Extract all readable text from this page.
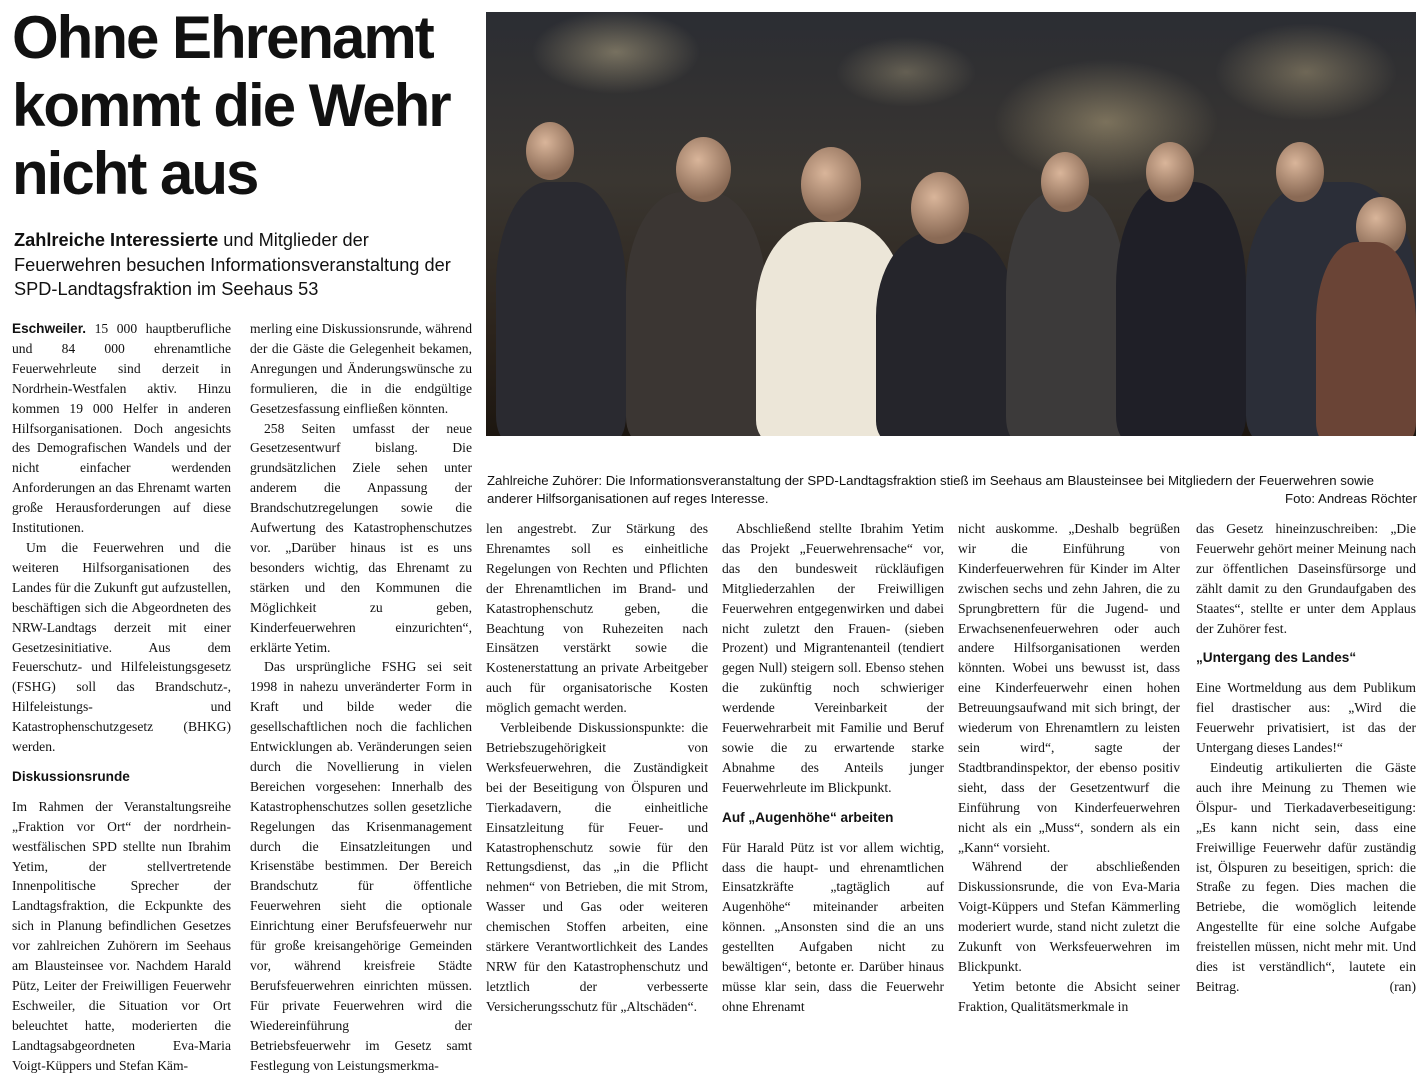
Ohne Ehrenamt kommt die Wehr nicht aus

Zahlreiche Interessierte und Mitglieder der Feuerwehren besuchen Informationsveranstaltung der SPD-Landtagsfraktion im Seehaus 53

Zahlreiche Zuhörer: Die Informationsveranstaltung der SPD-Landtagsfraktion stieß im Seehaus am Blausteinsee bei Mitgliedern der Feuerwehren sowie anderer Hilfsorganisationen auf reges Interesse.	Foto: Andreas Röchter

Eschweiler. 15 000 hauptberufliche und 84 000 ehrenamtliche Feuerwehrleute sind derzeit in Nordrhein-Westfalen aktiv. Hinzu kommen 19 000 Helfer in anderen Hilfsorganisationen. Doch angesichts des Demografischen Wandels und der nicht einfacher werdenden Anforderungen an das Ehrenamt warten große Herausforderungen auf diese Institutionen.

Um die Feuerwehren und die weiteren Hilfsorganisationen des Landes für die Zukunft gut aufzustellen, beschäftigen sich die Abgeordneten des NRW-Landtags derzeit mit einer Gesetzesinitiative. Aus dem Feuerschutz- und Hilfeleistungsgesetz (FSHG) soll das Brandschutz-, Hilfeleistungs- und Katastrophenschutzgesetz (BHKG) werden.

Diskussionsrunde

Im Rahmen der Veranstaltungsreihe „Fraktion vor Ort“ der nordrhein-westfälischen SPD stellte nun Ibrahim Yetim, der stellvertretende Innenpolitische Sprecher der Landtagsfraktion, die Eckpunkte des sich in Planung befindlichen Gesetzes vor zahlreichen Zuhörern im Seehaus am Blausteinsee vor. Nachdem Harald Pütz, Leiter der Freiwilligen Feuerwehr Eschweiler, die Situation vor Ort beleuchtet hatte, moderierten die Landtagsabgeordneten Eva-Maria Voigt-Küppers und Stefan Käm-

merling eine Diskussionsrunde, während der die Gäste die Gelegenheit bekamen, Anregungen und Änderungswünsche zu formulieren, die in die endgültige Gesetzesfassung einfließen könnten.

258 Seiten umfasst der neue Gesetzesentwurf bislang. Die grundsätzlichen Ziele sehen unter anderem die Anpassung der Brandschutzregelungen sowie die Aufwertung des Katastrophenschutzes vor. „Darüber hinaus ist es uns besonders wichtig, das Ehrenamt zu stärken und den Kommunen die Möglichkeit zu geben, Kinderfeuerwehren einzurichten“, erklärte Yetim.

Das ursprüngliche FSHG sei seit 1998 in nahezu unveränderter Form in Kraft und bilde weder die gesellschaftlichen noch die fachlichen Entwicklungen ab. Veränderungen seien durch die Novellierung in vielen Bereichen vorgesehen: Innerhalb des Katastrophenschutzes sollen gesetzliche Regelungen das Krisenmanagement durch die Einsatzleitungen und Krisenstäbe bestimmen. Der Bereich Brandschutz für öffentliche Feuerwehren sieht die optionale Einrichtung einer Berufsfeuerwehr nur für große kreisangehörige Gemeinden vor, während kreisfreie Städte Berufsfeuerwehren einrichten müssen. Für private Feuerwehren wird die Wiedereinführung der Betriebsfeuerwehr im Gesetz samt Festlegung von Leistungsmerkma-

len angestrebt. Zur Stärkung des Ehrenamtes soll es einheitliche Regelungen von Rechten und Pflichten der Ehrenamtlichen im Brand- und Katastrophenschutz geben, die Beachtung von Ruhezeiten nach Einsätzen verstärkt sowie die Kostenerstattung an private Arbeitgeber auch für organisatorische Kosten möglich gemacht werden.

Verbleibende Diskussionspunkte: die Betriebszugehörigkeit von Werksfeuerwehren, die Zuständigkeit bei der Beseitigung von Ölspuren und Tierkadavern, die einheitliche Einsatzleitung für Feuer- und Katastrophenschutz sowie für den Rettungsdienst, das „in die Pflicht nehmen“ von Betrieben, die mit Strom, Wasser und Gas oder weiteren chemischen Stoffen arbeiten, eine stärkere Verantwortlichkeit des Landes NRW für den Katastrophenschutz und letztlich der verbesserte Versicherungsschutz für „Altschäden“.

Abschließend stellte Ibrahim Yetim das Projekt „Feuerwehrensache“ vor, das den bundesweit rückläufigen Mitgliederzahlen der Freiwilligen Feuerwehren entgegenwirken und dabei nicht zuletzt den Frauen- (sieben Prozent) und Migrantenanteil (tendiert gegen Null) steigern soll. Ebenso stehen die zukünftig noch schwieriger werdende Vereinbarkeit der Feuerwehrarbeit mit Familie und Beruf sowie die zu erwartende starke Abnahme des Anteils junger Feuerwehrleute im Blickpunkt.

Auf „Augenhöhe“ arbeiten

Für Harald Pütz ist vor allem wichtig, dass die haupt- und ehrenamtlichen Einsatzkräfte „tagtäglich auf Augenhöhe“ miteinander arbeiten können. „Ansonsten sind die an uns gestellten Aufgaben nicht zu bewältigen“, betonte er. Darüber hinaus müsse klar sein, dass die Feuerwehr ohne Ehrenamt

nicht auskomme. „Deshalb begrüßen wir die Einführung von Kinderfeuerwehren für Kinder im Alter zwischen sechs und zehn Jahren, die zu Sprungbrettern für die Jugend- und Erwachsenenfeuerwehren oder auch andere Hilfsorganisationen werden könnten. Wobei uns bewusst ist, dass eine Kinderfeuerwehr einen hohen Betreuungsaufwand mit sich bringt, der wiederum von Ehrenamtlern zu leisten sein wird“, sagte der Stadtbrandinspektor, der ebenso positiv sieht, dass der Gesetzentwurf die Einführung von Kinderfeuerwehren nicht als ein „Muss“, sondern als ein „Kann“ vorsieht.

Während der abschließenden Diskussionsrunde, die von Eva-Maria Voigt-Küppers und Stefan Kämmerling moderiert wurde, stand nicht zuletzt die Zukunft von Werksfeuerwehren im Blickpunkt.

Yetim betonte die Absicht seiner Fraktion, Qualitätsmerkmale in

das Gesetz hineinzuschreiben: „Die Feuerwehr gehört meiner Meinung nach zur öffentlichen Daseinsfürsorge und zählt damit zu den Grundaufgaben des Staates“, stellte er unter dem Applaus der Zuhörer fest.

„Untergang des Landes“

Eine Wortmeldung aus dem Publikum fiel drastischer aus: „Wird die Feuerwehr privatisiert, ist das der Untergang dieses Landes!“

Eindeutig artikulierten die Gäste auch ihre Meinung zu Themen wie Ölspur- und Tierkadaverbeseitigung: „Es kann nicht sein, dass eine Freiwillige Feuerwehr dafür zuständig ist, Ölspuren zu beseitigen, sprich: die Straße zu fegen. Dies machen die Betriebe, die womöglich leitende Angestellte für eine solche Aufgabe freistellen müssen, nicht mehr mit. Und dies ist verständlich“, lautete ein Beitrag.	(ran)
